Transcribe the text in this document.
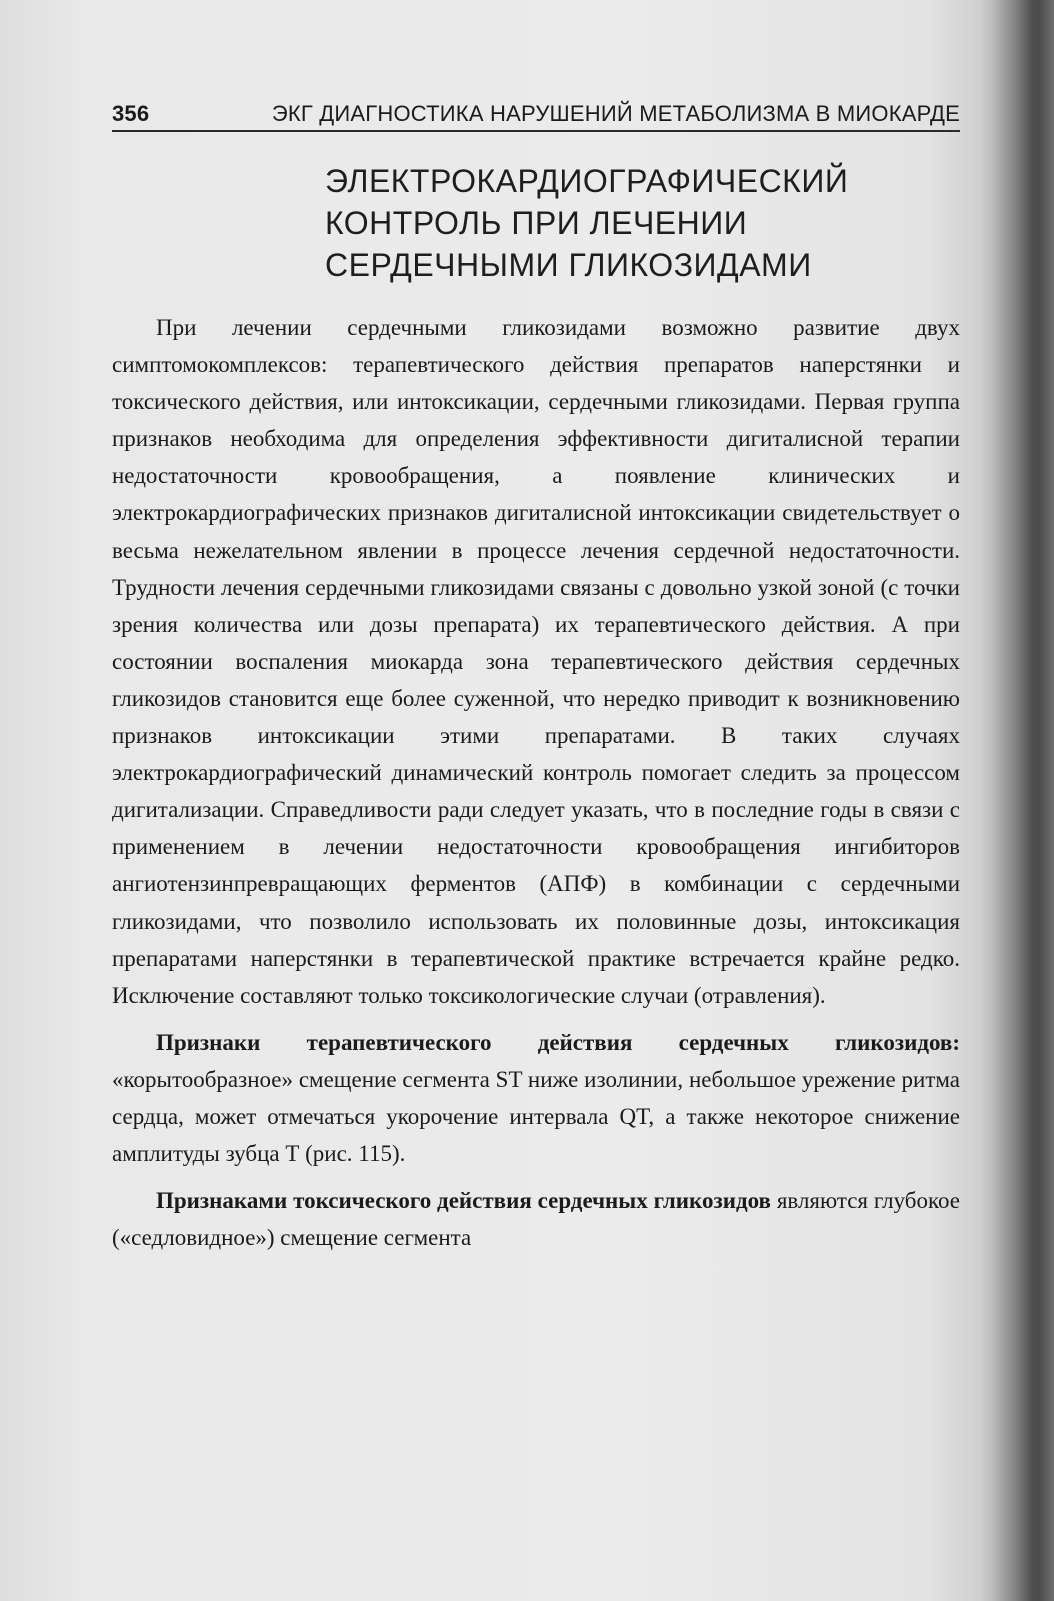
356	ЭКГ ДИАГНОСТИКА НАРУШЕНИЙ МЕТАБОЛИЗМА В МИОКАРДЕ
ЭЛЕКТРОКАРДИОГРАФИЧЕСКИЙ
КОНТРОЛЬ ПРИ ЛЕЧЕНИИ
СЕРДЕЧНЫМИ ГЛИКОЗИДАМИ

При лечении сердечными гликозидами возможно развитие двух симптомокомплексов: терапевтического действия препаратов наперстянки и токсического действия, или интоксикации, сердечными гликозидами. Первая группа признаков необходима для определения эффективности дигиталисной терапии недостаточности кровообращения, а появление клинических и электрокардиографических признаков дигиталисной интоксикации свидетельствует о весьма нежелательном явлении в процессе лечения сердечной недостаточности. Трудности лечения сердечными гликозидами связаны с довольно узкой зоной (с точки зрения количества или дозы препарата) их терапевтического действия. А при состоянии воспаления миокарда зона терапевтического действия сердечных гликозидов становится еще более суженной, что нередко приводит к возникновению признаков интоксикации этими препаратами. В таких случаях электрокардиографический динамический контроль помогает следить за процессом дигитализации. Справедливости ради следует указать, что в последние годы в связи с применением в лечении недостаточности кровообращения ингибиторов ангиотензинпревращающих ферментов (АПФ) в комбинации с сердечными гликозидами, что позволило использовать их половинные дозы, интоксикация препаратами наперстянки в терапевтической практике встречается крайне редко. Исключение составляют только токсикологические случаи (отравления).

Признаки терапевтического действия сердечных гликозидов: «корытообразное» смещение сегмента ST ниже изолинии, небольшое урежение ритма сердца, может отмечаться укорочение интервала QT, а также некоторое снижение амплитуды зубца Т (рис. 115).

Признаками токсического действия сердечных гликозидов являются глубокое («седловидное») смещение сегмента
